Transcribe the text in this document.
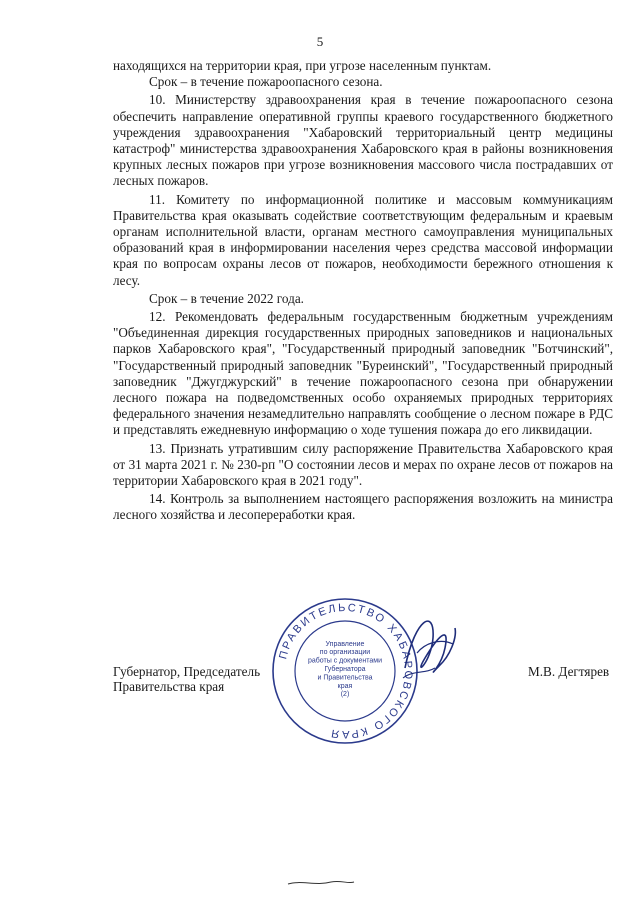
5

находящихся на территории края, при угрозе населенным пунктам.

Срок – в течение пожароопасного сезона.

10. Министерству здравоохранения края в течение пожароопасного сезона обеспечить направление оперативной группы краевого государственного бюджетного учреждения здравоохранения "Хабаровский территориальный центр медицины катастроф" министерства здравоохранения Хабаровского края в районы возникновения крупных лесных пожаров при угрозе возникновения массового числа пострадавших от лесных пожаров.

11. Комитету по информационной политике и массовым коммуникациям Правительства края оказывать содействие соответствующим федеральным и краевым органам исполнительной власти, органам местного самоуправления муниципальных образований края в информировании населения через средства массовой информации края по вопросам охраны лесов от пожаров, необходимости бережного отношения к лесу.

Срок – в течение 2022 года.

12. Рекомендовать федеральным государственным бюджетным учреждениям "Объединенная дирекция государственных природных заповедников и национальных парков Хабаровского края", "Государственный природный заповедник "Ботчинский", "Государственный природный заповедник "Буреинский", "Государственный природный заповедник "Джугджурский" в течение пожароопасного сезона при обнаружении лесного пожара на подведомственных особо охраняемых природных территориях федерального значения незамедлительно направлять сообщение о лесном пожаре в РДС и представлять ежедневную информацию о ходе тушения пожара до его ликвидации.

13. Признать утратившим силу распоряжение Правительства Хабаровского края от 31 марта 2021 г. № 230-рп "О состоянии лесов и мерах по охране лесов от пожаров на территории Хабаровского края в 2021 году".

14. Контроль за выполнением настоящего распоряжения возложить на министра лесного хозяйства и лесопереработки края.

ПРАВИТЕЛЬСТВО ХАБАРОВСКОГО КРАЯ
Управление
по организации
работы с документами
Губернатора
и Правительства
края
(2)
Губернатор, Председатель
Правительства края
М.В. Дегтярев
